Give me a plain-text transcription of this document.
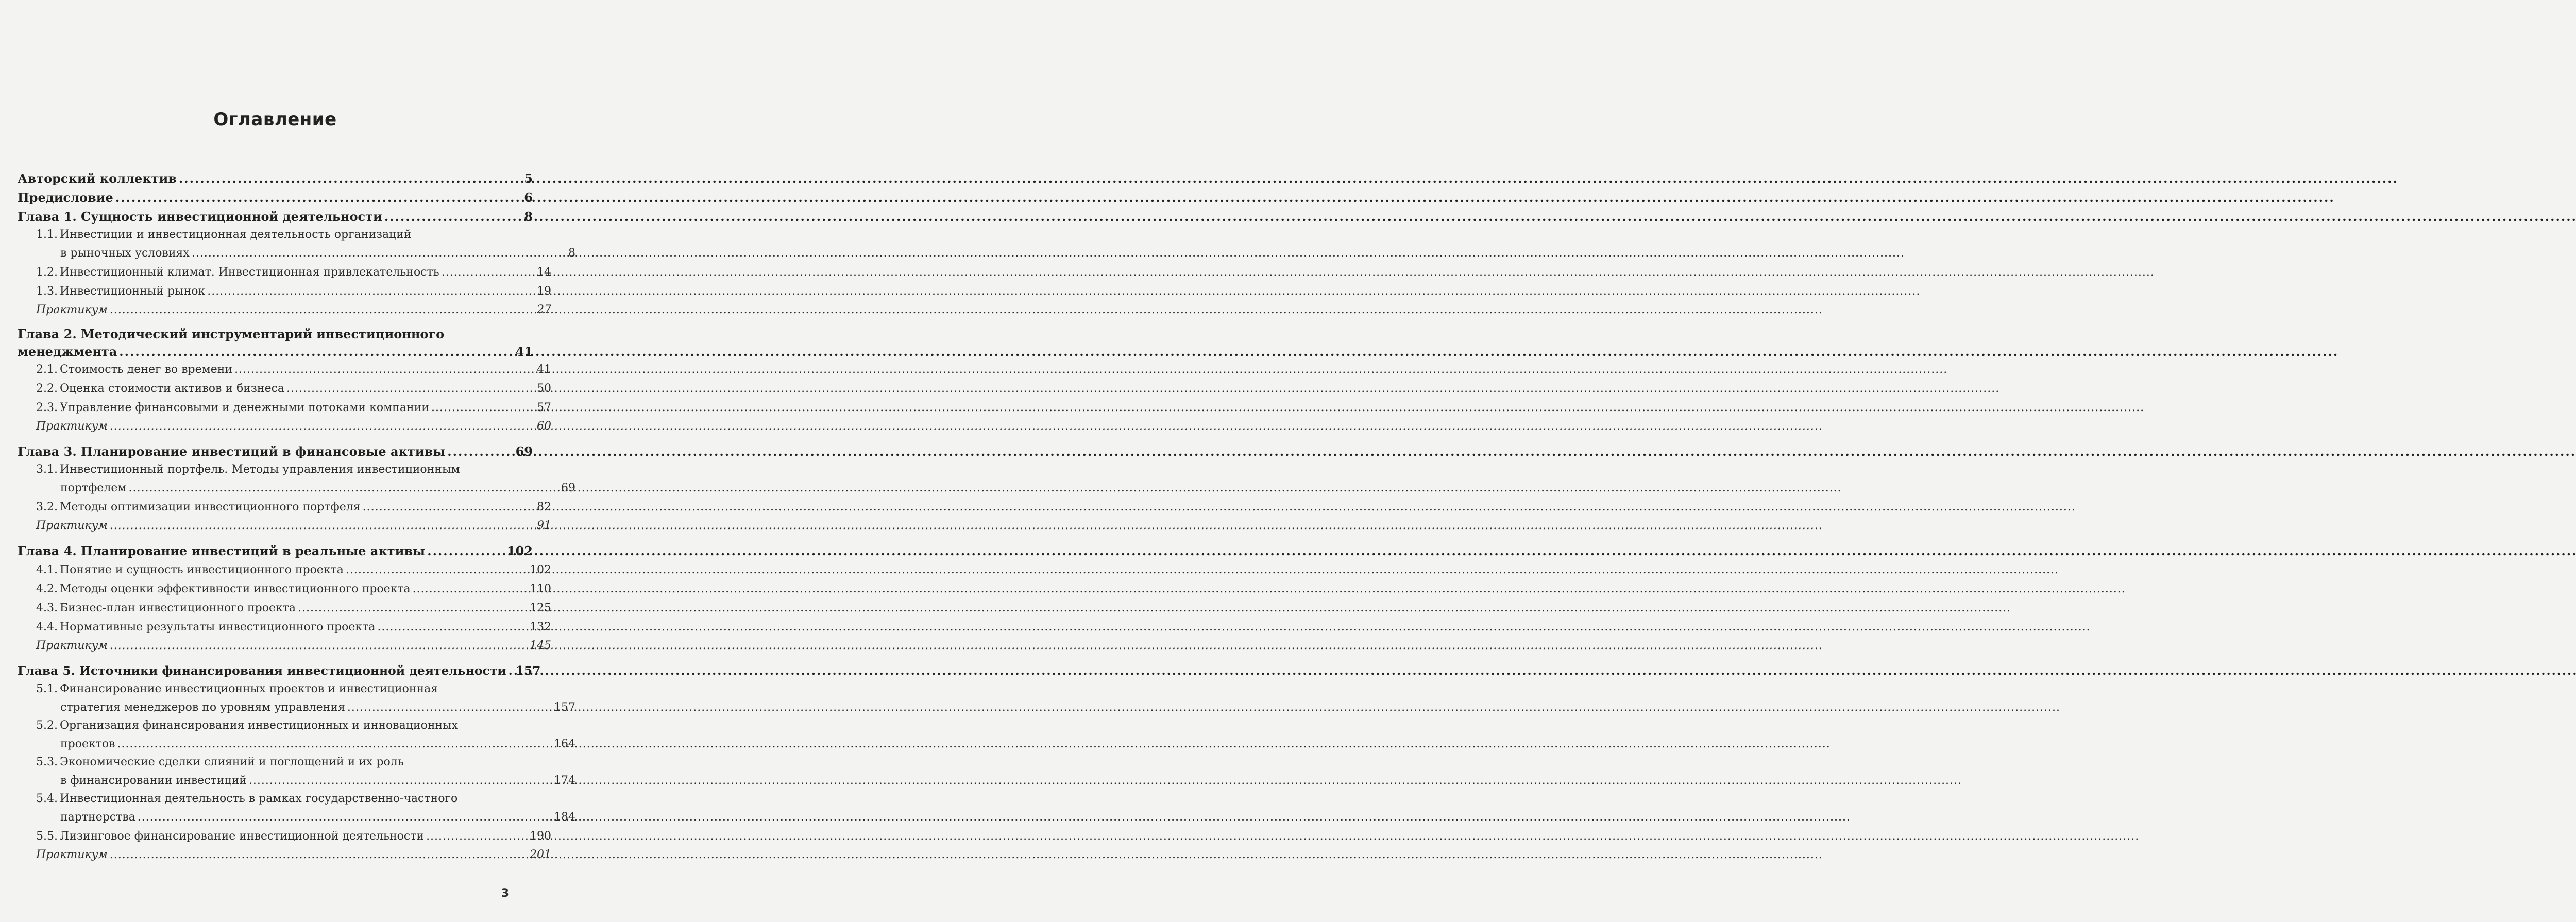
Оглавление
Авторский коллектив .....	5
Предисловие .....	6
Глава 1. Сущность инвестиционной деятельности .....	8
1.1. Инвестиции и инвестиционная деятельность организаций
в рыночных условиях .....	8
1.2. Инвестиционный климат. Инвестиционная привлекательность .....	14
1.3. Инвестиционный рынок .....	19
Практикум .....	27
Глава 2. Методический инструментарий инвестиционного
менеджмента .....	41
2.1. Стоимость денег во времени .....	41
2.2. Оценка стоимости активов и бизнеса .....	50
2.3. Управление финансовыми и денежными потоками компании .....	57
Практикум .....	60
Глава 3. Планирование инвестиций в финансовые активы .....	69
3.1. Инвестиционный портфель. Методы управления инвестиционным
портфелем .....	69
3.2. Методы оптимизации инвестиционного портфеля .....	82
Практикум .....	91
Глава 4. Планирование инвестиций в реальные активы .....	102
4.1. Понятие и сущность инвестиционного проекта .....	102
4.2. Методы оценки эффективности инвестиционного проекта .....	110
4.3. Бизнес-план инвестиционного проекта .....	125
4.4. Нормативные результаты инвестиционного проекта .....	132
Практикум .....	145
Глава 5. Источники финансирования инвестиционной деятельности ..... 157
5.1. Финансирование инвестиционных проектов и инвестиционная
стратегия менеджеров по уровням управления .....	157
5.2. Организация финансирования инвестиционных и инновационных
проектов .....	164
5.3. Экономические сделки слияний и поглощений и их роль
в финансировании инвестиций .....	174
5.4. Инвестиционная деятельность в рамках государственно-частного
партнерства .....	184
5.5. Лизинговое финансирование инвестиционной деятельности .....	190
Практикум .....	201
3
